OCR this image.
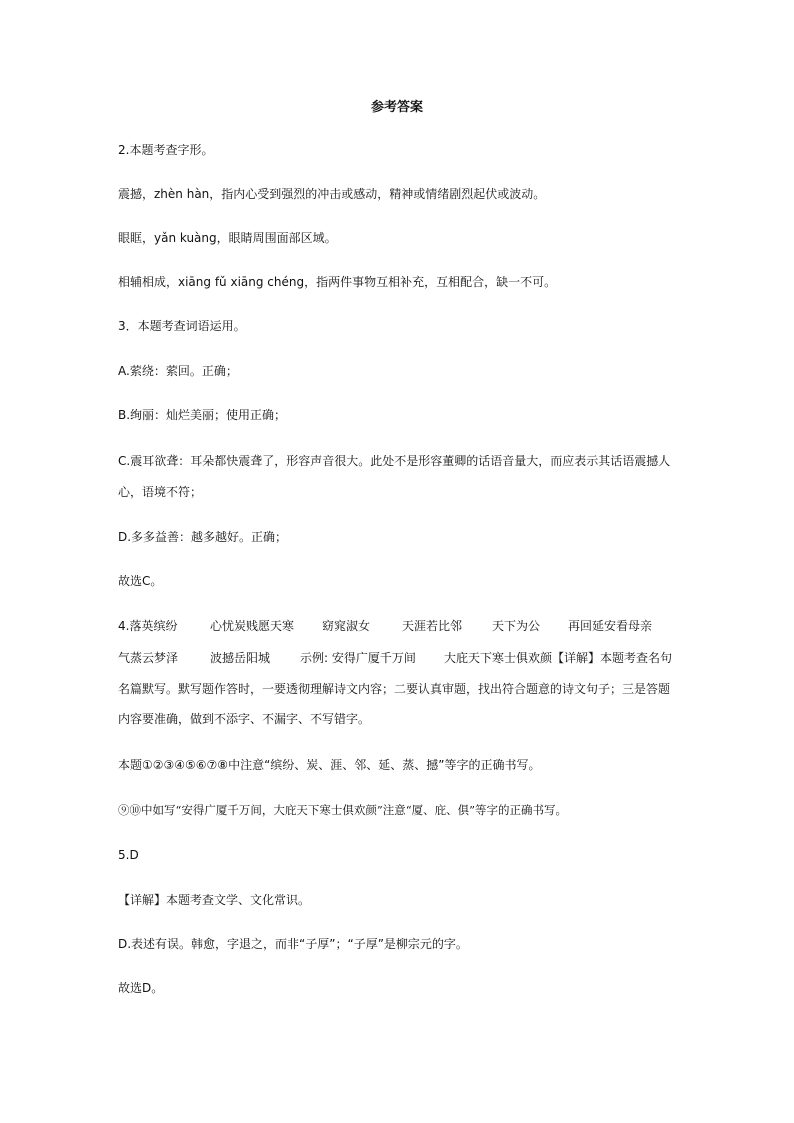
参考答案
2.本题考查字形。
震撼，zhèn hàn，指内心受到强烈的冲击或感动，精神或情绪剧烈起伏或波动。
眼眶，yǎn kuàng，眼睛周围面部区域。
相辅相成，xiāng fǔ xiāng chéng，指两件事物互相补充，互相配合，缺一不可。
3．本题考查词语运用。
A.萦绕：萦回。正确；
B.绚丽：灿烂美丽；使用正确；
C.震耳欲聋：耳朵都快震聋了，形容声音很大。此处不是形容董卿的话语音量大，而应表示其话语震撼人
心，语境不符；
D.多多益善：越多越好。正确；
故选C。
4.落英缤纷	心忧炭贱愿天寒 窈窕淑女	天涯若比邻 天下为公 再回延安看母亲
气蒸云梦泽	波撼岳阳城 示例: 安得广厦千万间 大庇天下寒士俱欢颜【详解】本题考查名句
名篇默写。默写题作答时，一要透彻理解诗文内容；二要认真审题，找出符合题意的诗文句子；三是答题
内容要准确，做到不添字、不漏字、不写错字。
本题①②③④⑤⑥⑦⑧中注意“缤纷、炭、涯、邻、延、蒸、撼”等字的正确书写。
⑨⑩中如写“安得广厦千万间，大庇天下寒士俱欢颜”注意“厦、庇、俱”等字的正确书写。
5.D
【详解】本题考查文学、文化常识。
D.表述有误。韩愈，字退之，而非“子厚”；“子厚”是柳宗元的字。
故选D。
